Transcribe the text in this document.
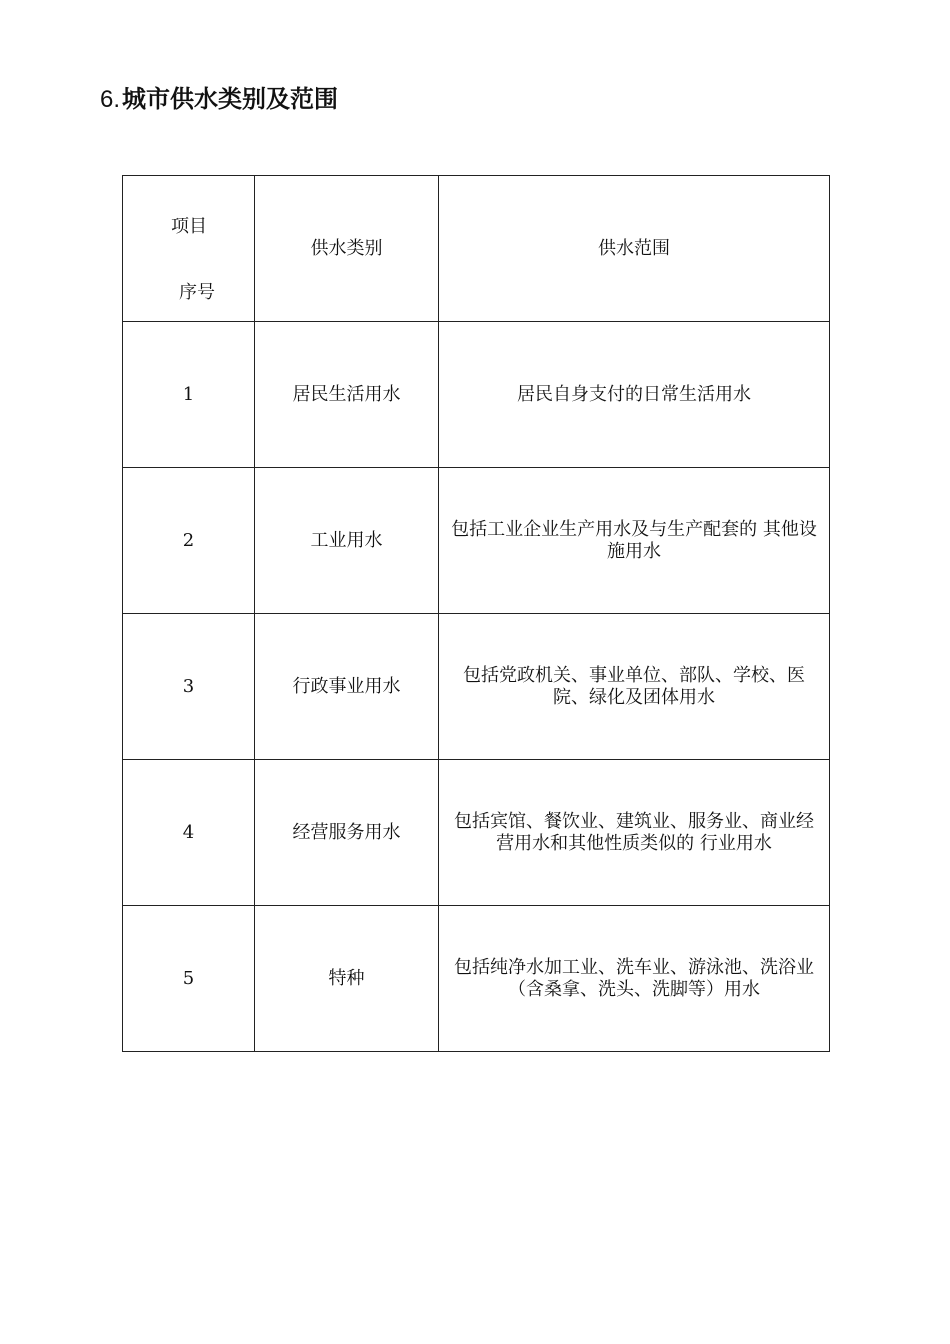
6.城市供水类别及范围
项目
序号	供水类别	供水范围
1	居民生活用水	居民自身支付的日常生活用水

2	工业用水	包括工业企业生产用水及与生产配套的 其他设施用水

3	行政事业用水	包括党政机关、事业单位、部队、学校、医院、绿化及团体用水

4	经营服务用水	包括宾馆、餐饮业、建筑业、服务业、商业经营用水和其他性质类似的 行业用水

5	特种	包括纯净水加工业、洗车业、游泳池、洗浴业（含桑拿、洗头、洗脚等）用水
